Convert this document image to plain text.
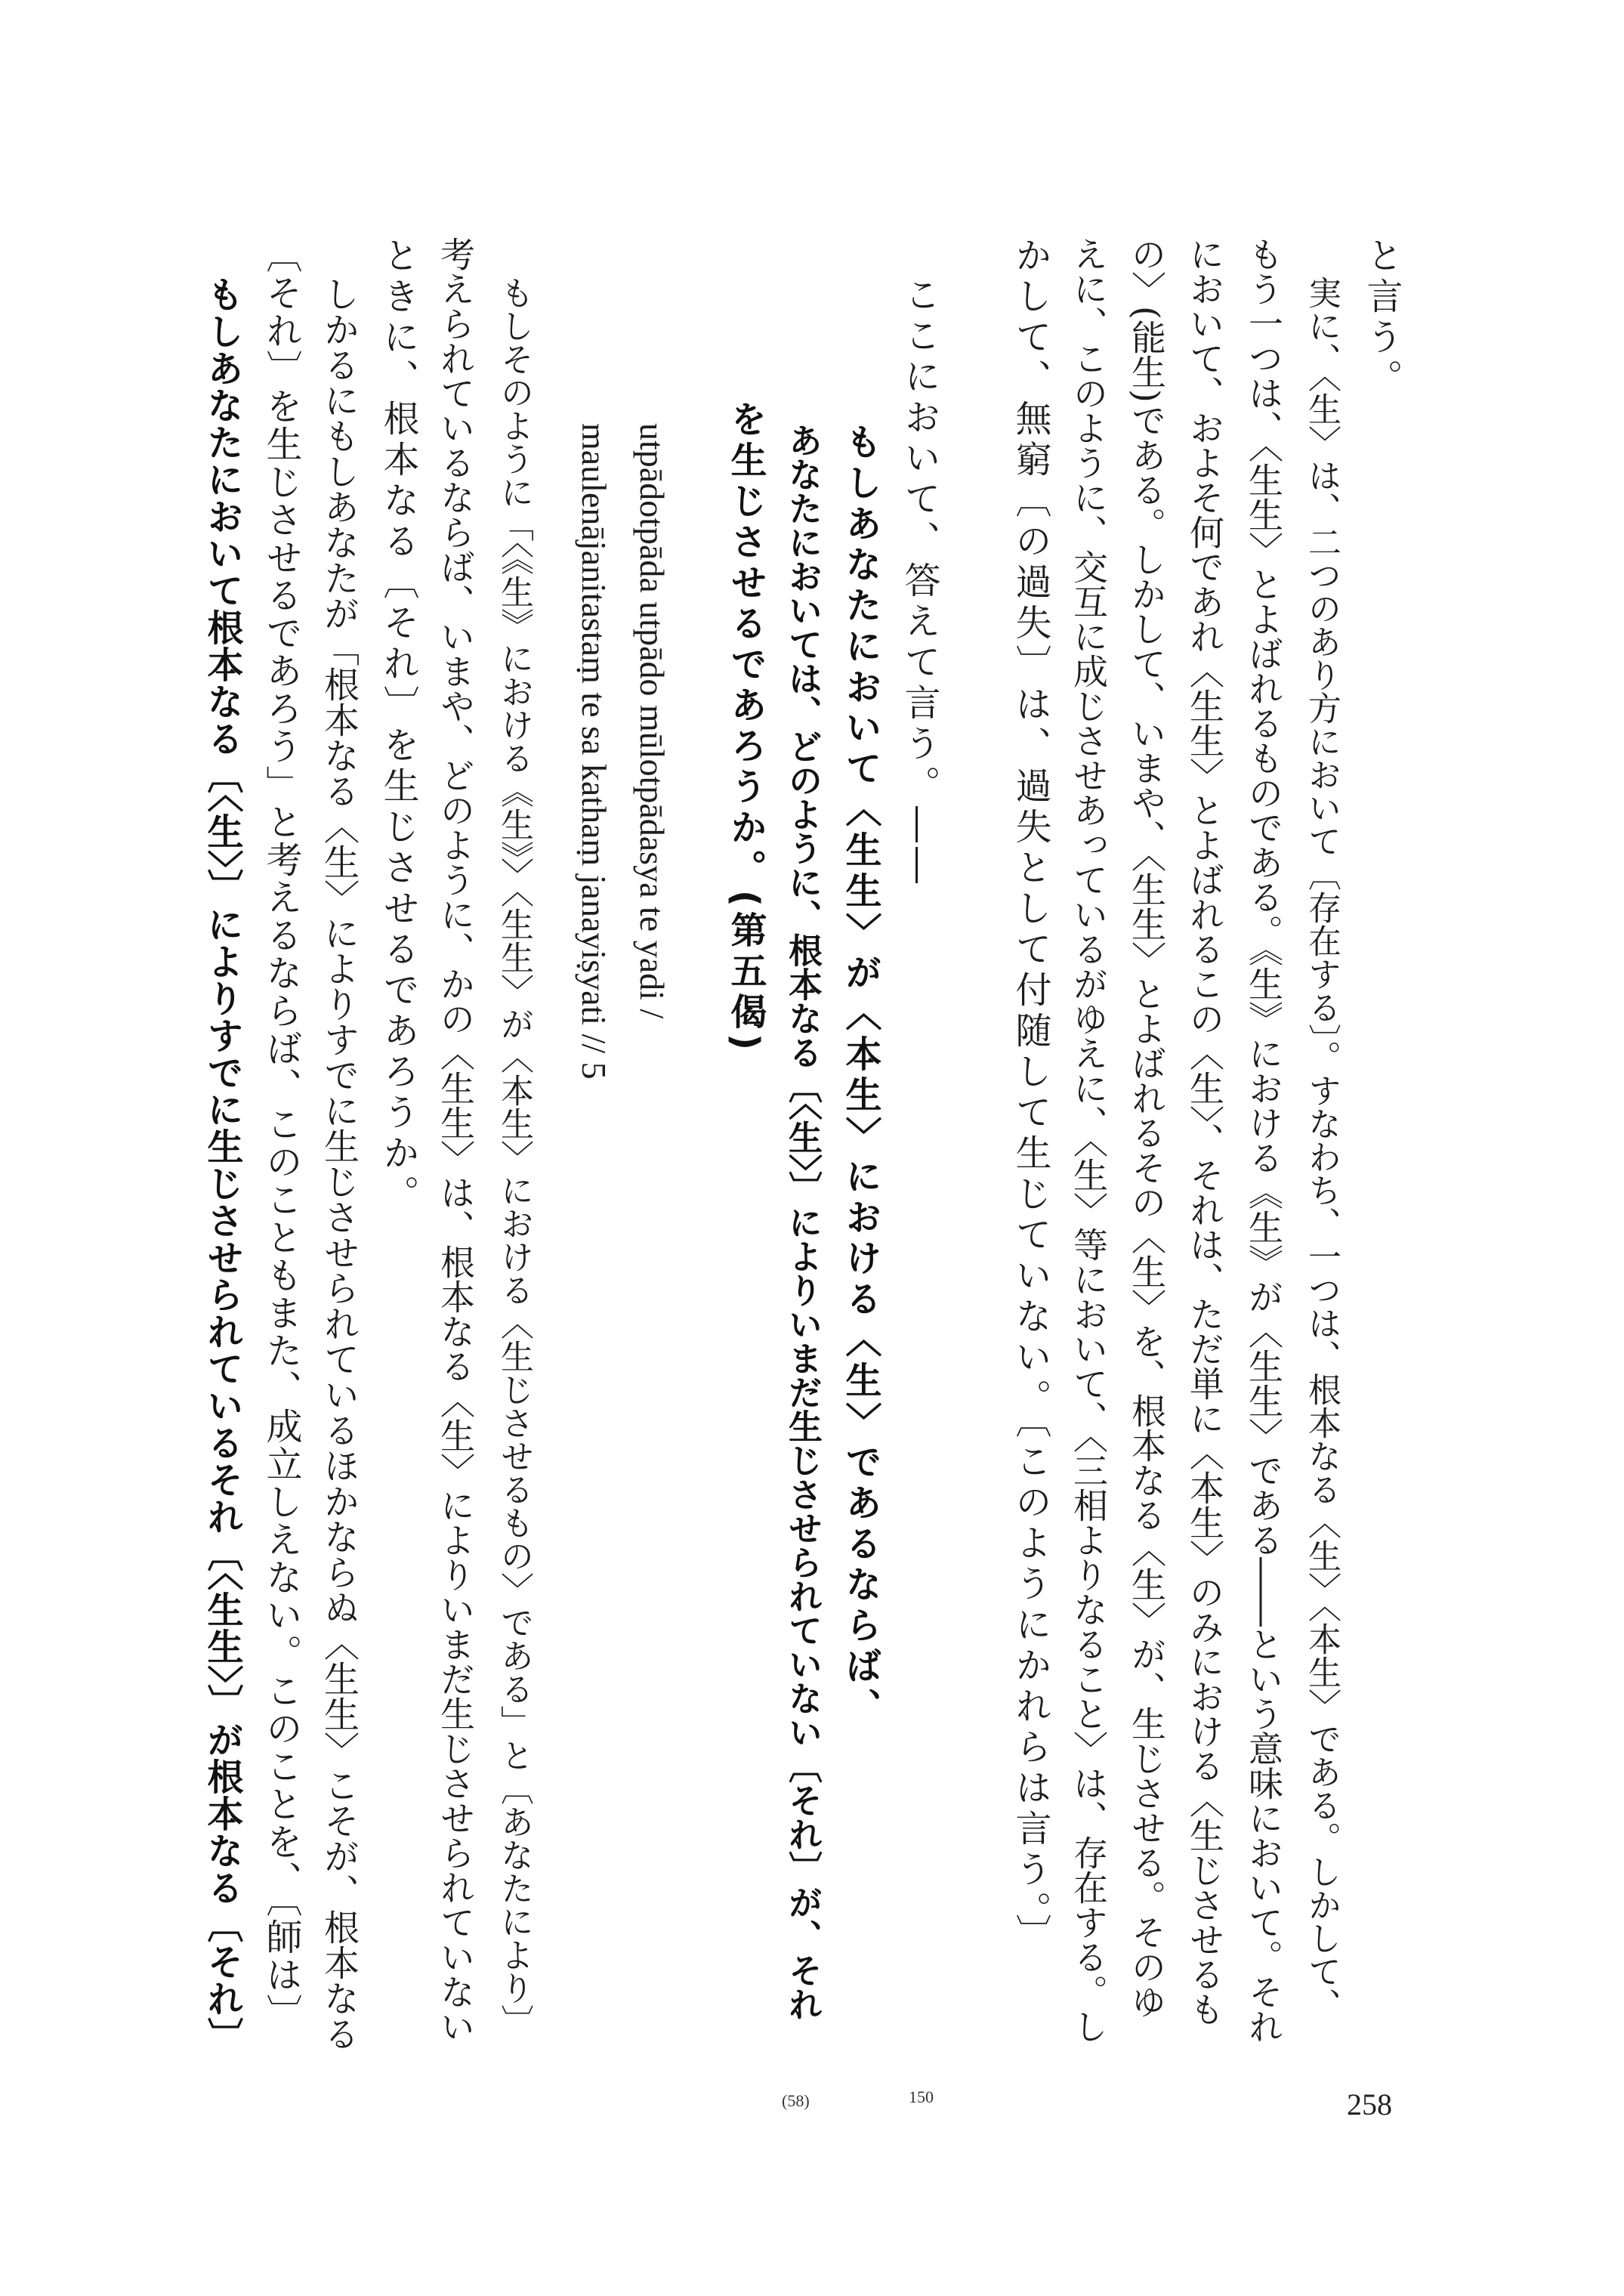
258
150
(58)
と言う。
実に、〈生〉は、二つのあり方において〔存在する〕。すなわち、一つは、根本なる〈生〉〈本生〉である。しかして、
もう一つは、〈生生〉とよばれるものである。《生》における《生》が〈生生〉である――という意味において。それ
において、およそ何であれ〈生生〉とよばれるこの〈生〉、それは、ただ単に〈本生〉のみにおける〈生じさせるも
の〉(能生)である。しかして、いまや、〈生生〉とよばれるその〈生〉を、根本なる〈生〉が、生じさせる。そのゆ
えに、このように、交互に成じさせあっているがゆえに、〈生〉等において、〈三相よりなること〉は、存在する。し
かして、無窮〔の過失〕は、過失として付随して生じていない。〔このようにかれらは言う。〕
ここにおいて、答えて言う。――
もしあなたにおいて〈生生〉が〈本生〉における〈生〉であるならば、
あなたにおいては、どのように、根本なる〔〈生〉〕によりいまだ生じさせられていない〔それ〕が、それ
を生じさせるであろうか。(第五偈)
utpādotpāda utpādo mūlotpādasya te yadi /
maulenājanitastaṃ te sa kathaṃ janayiṣyati // 5
もしそのように「〈《生》における《生》〉〈生生〉が〈本生〉における〈生じさせるもの〉である」と〔あなたにより〕
考えられているならば、いまや、どのように、かの〈生生〉は、根本なる〈生〉によりいまだ生じさせられていない
ときに、根本なる〔それ〕を生じさせるであろうか。
しかるにもしあなたが「根本なる〈生〉によりすでに生じさせられているほかならぬ〈生生〉こそが、根本なる
〔それ〕を生じさせるであろう」と考えるならば、このこともまた、成立しえない。このことを、〔師は〕
もしあなたにおいて根本なる〔〈生〉〕によりすでに生じさせられているそれ〔〈生生〉〕が根本なる〔それ〕
